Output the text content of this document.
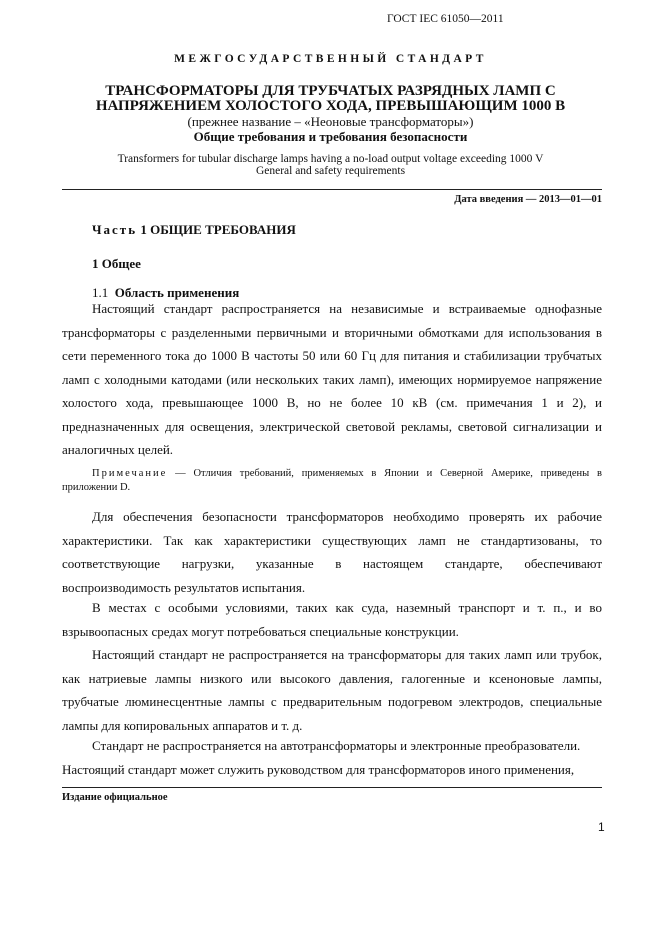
ГОСТ IEC 61050—2011
МЕЖГОСУДАРСТВЕННЫЙ СТАНДАРТ
ТРАНСФОРМАТОРЫ ДЛЯ ТРУБЧАТЫХ РАЗРЯДНЫХ ЛАМП С
НАПРЯЖЕНИЕМ ХОЛОСТОГО ХОДА, ПРЕВЫШАЮЩИМ 1000 В
(прежнее название – «Неоновые трансформаторы»)
Общие требования и требования безопасности
Transformers for tubular discharge lamps having a no-load output voltage exceeding 1000 V
General and safety requirements
Дата введения — 2013—01—01
Часть 1 ОБЩИЕ ТРЕБОВАНИЯ
1 Общее
1.1 Область применения
Настоящий стандарт распространяется на независимые и встраиваемые однофазные трансформаторы с разделенными первичными и вторичными обмотками для использования в сети переменного тока до 1000 В частоты 50 или 60 Гц для питания и стабилизации трубчатых ламп с холодными катодами (или нескольких таких ламп), имеющих нормируемое напряжение холостого хода, превышающее 1000 В, но не более 10 кВ (см. примечания 1 и 2), и предназначенных для освещения, электрической световой рекламы, световой сигнализации и аналогичных целей.
Примечание — Отличия требований, применяемых в Японии и Северной Америке, приведены в приложении D.
Для обеспечения безопасности трансформаторов необходимо проверять их рабочие характеристики. Так как характеристики существующих ламп не стандартизованы, то соответствующие нагрузки, указанные в настоящем стандарте, обеспечивают воспроизводимость результатов испытания.
В местах с особыми условиями, таких как суда, наземный транспорт и т. п., и во взрывоопасных средах могут потребоваться специальные конструкции.
Настоящий стандарт не распространяется на трансформаторы для таких ламп или трубок, как натриевые лампы низкого или высокого давления, галогенные и ксеноновые лампы, трубчатые люминесцентные лампы с предварительным подогревом электродов, специальные лампы для копировальных аппаратов и т. д.
Стандарт не распространяется на автотрансформаторы и электронные преобразователи.
Настоящий стандарт может служить руководством для трансформаторов иного применения,
Издание официальное
1
